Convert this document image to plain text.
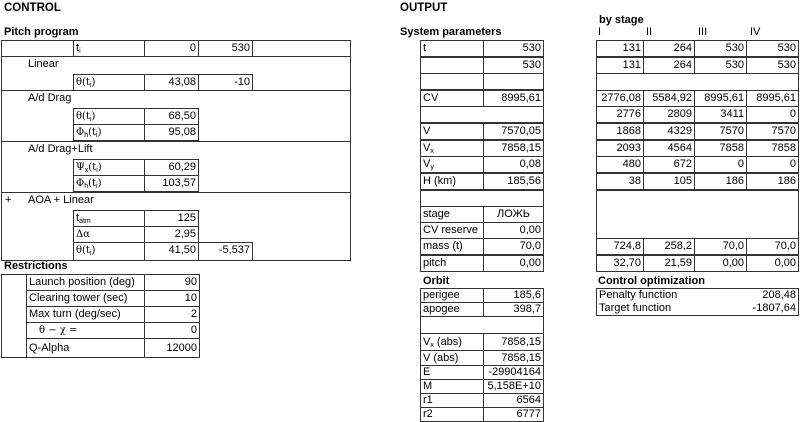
CONTROL
Pitch program
$t_i$	0	530
Linear
$\theta(t_i)$	43,08	-10
A/d Drag
$\theta(t_i)$	68,50
$\Phi_h(t_i)$	95,08
A/d Drag+Lift
$\Psi_x(t_i)$	60,29
$\Phi_h(t_i)$	103,57
+ AOA + Linear
$t_{atm}$	125
Δα	2,95
$\theta(t_i)$	41,50	-5,537
Restrictions
Launch position (deg)	90
Clearing tower (sec)	10
Max turn (deg/sec)	2
θ − χ =	0
Q-Alpha	12000
OUTPUT
System parameters
by stage
I	II	III	IV
t	530
530
CV	8995,61
V	7570,05
$V_x$	7858,15
$V_y$	0,08
H (km)	185,56
stage	ЛОЖЬ
CV reserve	0,00
mass (t)	70,0
pitch	0,00
131	264	530	530
131	264	530	530
2776,08	5584,92	8995,61	8995,61
2776	2809	3411	0
1868	4329	7570	7570
2093	4564	7858	7858
480	672	0	0
38	105	186	186
724,8	258,2	70,0	70,0
32,70	21,59	0,00	0,00
Orbit
perigee	185,6
apogee	398,7
$V_x$ (abs)	7858,15
V (abs)	7858,15
E	-29904164
M	5,158E+10
r1	6564
r2	6777
Control optimization
Penalty function	208,48
Target function	-1807,64
